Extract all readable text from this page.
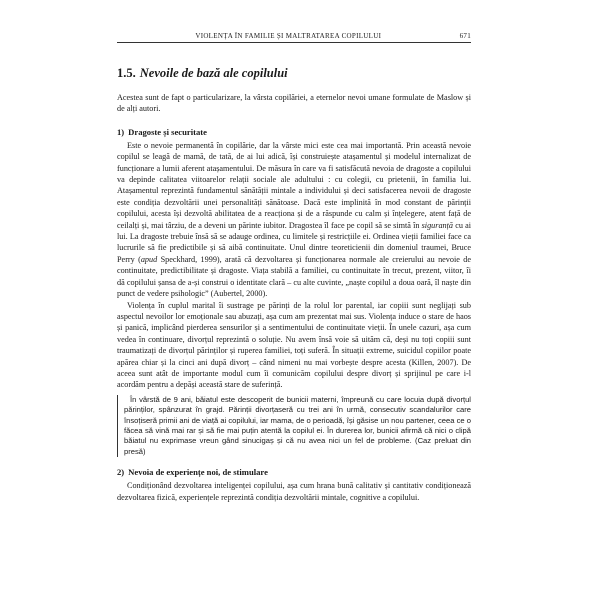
VIOLENȚA ÎN FAMILIE ȘI MALTRATAREA COPILULUI	671
1.5. Nevoile de bază ale copilului

Acestea sunt de fapt o particularizare, la vârsta copilăriei, a eternelor nevoi umane formulate de Maslow și de alți autori.

1) Dragoste și securitate

Este o nevoie permanentă în copilărie, dar la vârste mici este cea mai importantă. Prin această nevoie copilul se leagă de mamă, de tată, de ai lui adică, își construiește atașamentul și modelul internalizat de funcționare a lumii aferent atașamentului. De măsura în care va fi satisfăcută nevoia de dragoste a copilului va depinde calitatea viitoarelor relații sociale ale adultului : cu colegii, cu prietenii, în familia lui. Atașamentul reprezintă fundamentul sănătății mintale a individului și deci satisfacerea nevoii de dragoste este condiția dezvoltării unei personalități sănătoase. Dacă este implinită în mod constant de părinții copilului, acesta își dezvoltă abilitatea de a reacționa și de a răspunde cu calm și înțelegere, atent față de ceilalți și, mai târziu, de a deveni un părinte iubitor. Dragostea îl face pe copil să se simtă în siguranță cu ai lui. La dragoste trebuie însă să se adauge ordinea, cu limitele și restricțiile ei. Ordinea vieții familiei face ca lucrurile să fie predictibile și să aibă continuitate. Unul dintre teoreticienii din domeniul traumei, Bruce Perry (apud Speckhard, 1999), arată că dezvoltarea și funcționarea normale ale creierului au nevoie de continuitate, predictibilitate și dragoste. Viața stabilă a familiei, cu continuitate în trecut, prezent, viitor, îi dă copilului șansa de a-și construi o identitate clară – cu alte cuvinte, „naște copilul a doua oară, îl naște din punct de vedere psihologic” (Aubertel, 2000).

Violența în cuplul marital îi sustrage pe părinți de la rolul lor parental, iar copiii sunt neglijați sub aspectul nevoilor lor emoționale sau abuzați, așa cum am prezentat mai sus. Violența induce o stare de haos și panică, implicând pierderea sensurilor și a sentimentului de continuitate vieții. În unele cazuri, așa cum vedea în continuare, divorțul reprezintă o soluție. Nu avem însă voie să uităm că, deși nu toți copiii sunt traumatizați de divorțul părinților și ruperea familiei, toți suferă. În situații extreme, suicidul copiilor poate apărea chiar și la cinci ani după divorț – când nimeni nu mai vorbește despre acesta (Killen, 2007). De aceea sunt atât de importante modul cum îi comunicăm copilului despre divorț și sprijinul pe care i-l acordăm pentru a depăși această stare de suferință.

În vârstă de 9 ani, băiatul este descoperit de bunicii materni, împreună cu care locuia după divorțul părinților, spânzurat în grajd. Părinții divorțaseră cu trei ani în urmă, consecutiv scandalurilor care însoțiseră primii ani de viață ai copilului, iar mama, de o perioadă, își găsise un nou partener, ceea ce o făcea să vină mai rar și să fie mai puțin atentă la copilul ei. În durerea lor, bunicii afirmă că nici o clipă băiatul nu exprimase vreun gând sinucigaș și că nu avea nici un fel de probleme. (Caz preluat din presă)
2) Nevoia de experiențe noi, de stimulare

Condiționând dezvoltarea inteligenței copilului, așa cum hrana bună calitativ și cantitativ condiționează dezvoltarea fizică, experiențele reprezintă condiția dezvoltării mintale, cognitive a copilului.
